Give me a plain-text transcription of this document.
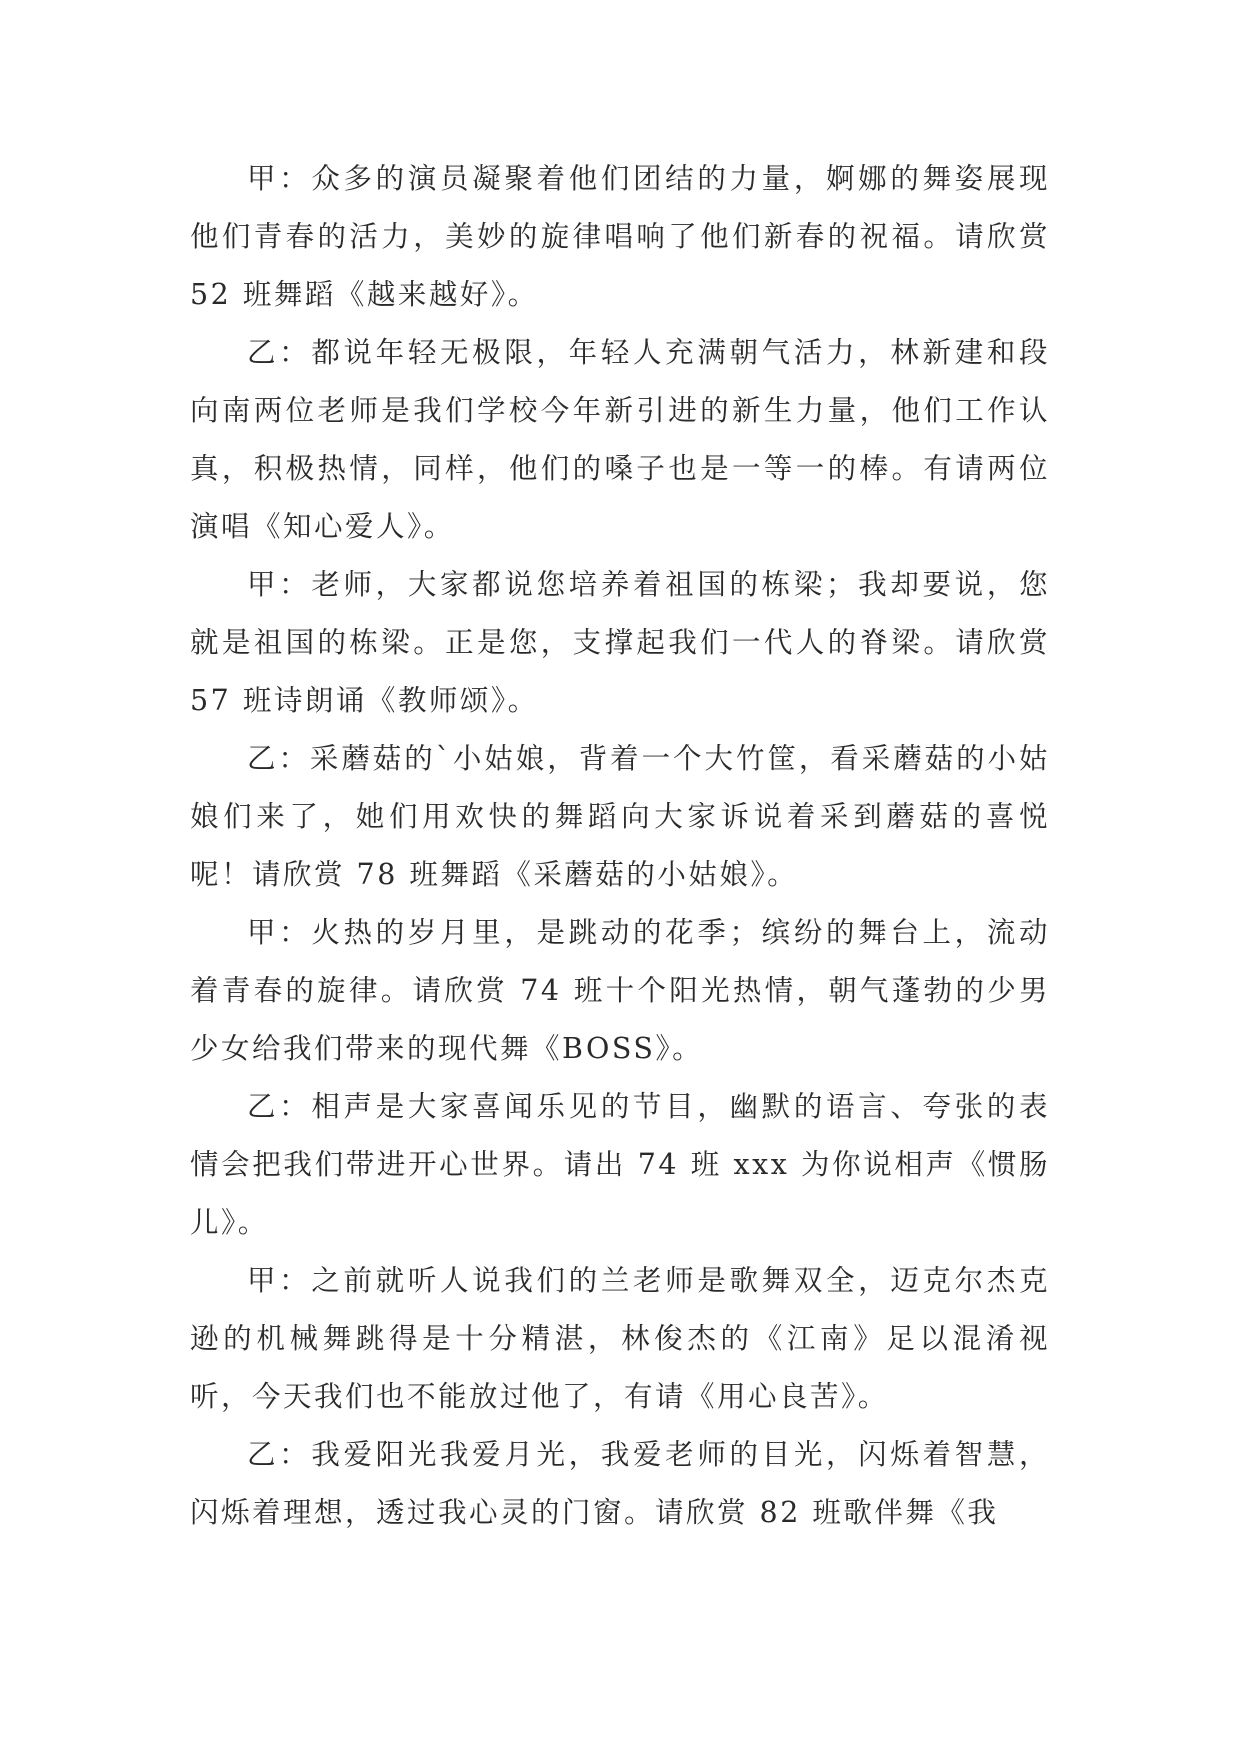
甲：众多的演员凝聚着他们团结的力量，婀娜的舞姿展现他们青春的活力，美妙的旋律唱响了他们新春的祝福。请欣赏 52 班舞蹈《越来越好》。

乙：都说年轻无极限，年轻人充满朝气活力，林新建和段向南两位老师是我们学校今年新引进的新生力量，他们工作认真，积极热情，同样，他们的嗓子也是一等一的棒。有请两位演唱《知心爱人》。

甲：老师，大家都说您培养着祖国的栋梁；我却要说，您就是祖国的栋梁。正是您，支撑起我们一代人的脊梁。请欣赏 57 班诗朗诵《教师颂》。

乙：采蘑菇的`小姑娘，背着一个大竹筐，看采蘑菇的小姑娘们来了，她们用欢快的舞蹈向大家诉说着采到蘑菇的喜悦呢！请欣赏 78 班舞蹈《采蘑菇的小姑娘》。

甲：火热的岁月里，是跳动的花季；缤纷的舞台上，流动着青春的旋律。请欣赏 74 班十个阳光热情，朝气蓬勃的少男少女给我们带来的现代舞《BOSS》。

乙：相声是大家喜闻乐见的节目，幽默的语言、夸张的表情会把我们带进开心世界。请出 74 班 xxx 为你说相声《惯肠儿》。

甲：之前就听人说我们的兰老师是歌舞双全，迈克尔杰克逊的机械舞跳得是十分精湛，林俊杰的《江南》足以混淆视听，今天我们也不能放过他了，有请《用心良苦》。

乙：我爱阳光我爱月光，我爱老师的目光，闪烁着智慧，闪烁着理想，透过我心灵的门窗。请欣赏 82 班歌伴舞《我
